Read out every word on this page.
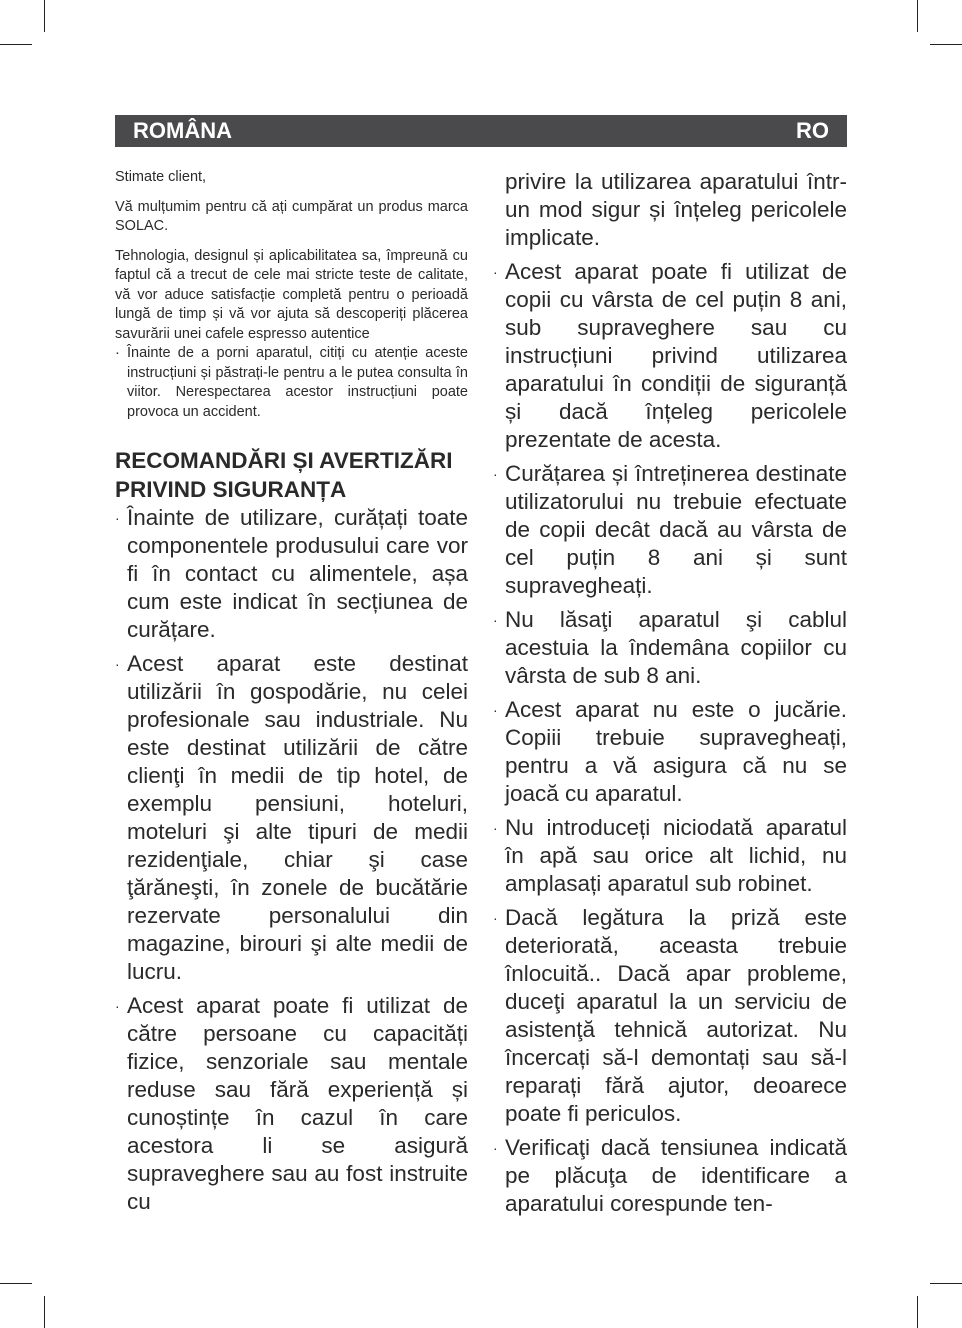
ROMÂNA	RO

Stimate client,

Vă mulțumim pentru că ați cumpărat un produs marca SOLAC.

Tehnologia, designul și aplicabilitatea sa, împreună cu faptul că a trecut de cele mai stricte teste de calitate, vă vor aduce satisfacție completă pentru o perioadă lungă de timp și vă vor ajuta să descoperiți plăcerea savurării unei cafele espresso autentice

· Înainte de a porni aparatul, citiți cu atenție aceste instrucțiuni și păstrați-le pentru a le putea consulta în viitor. Nerespectarea acestor instrucțiuni poate provoca un accident.
RECOMANDĂRI ȘI AVERTIZĂRI PRIVIND SIGURANȚA
· Înainte de utilizare, curățați toate componentele produsului care vor fi în contact cu alimentele, așa cum este indicat în secțiunea de curățare.
· Acest aparat este destinat utilizării în gospodărie, nu celei profesionale sau industriale. Nu este destinat utilizării de către clienţi în medii de tip hotel, de exemplu pensiuni, hoteluri, moteluri şi alte tipuri de medii rezidenţiale, chiar şi case ţărăneşti, în zonele de bucătărie rezervate personalului din magazine, birouri şi alte medii de lucru.
· Acest aparat poate fi utilizat de către persoane cu capacități fizice, senzoriale sau mentale reduse sau fără experiență și cunoștințe în cazul în care acestora li se asigură supraveghere sau au fost instruite cu
privire la utilizarea aparatului într-un mod sigur și înțeleg pericolele implicate.
· Acest aparat poate fi utilizat de copii cu vârsta de cel puțin 8 ani, sub supraveghere sau cu instrucțiuni privind utilizarea aparatului în condiții de siguranță și dacă înțeleg pericolele prezentate de acesta.
· Curățarea și întreținerea destinate utilizatorului nu trebuie efectuate de copii decât dacă au vârsta de cel puțin 8 ani și sunt supravegheați.
· Nu lăsaţi aparatul şi cablul acestuia la îndemâna copiilor cu vârsta de sub 8 ani.
· Acest aparat nu este o jucărie. Copiii trebuie supravegheați, pentru a vă asigura că nu se joacă cu aparatul.
· Nu introduceți niciodată aparatul în apă sau orice alt lichid, nu amplasați aparatul sub robinet.
· Dacă legătura la priză este deteriorată, aceasta trebuie înlocuită.. Dacă apar probleme, duceţi aparatul la un serviciu de asistenţă tehnică autorizat. Nu încercați să-l demontați sau să-l reparați fără ajutor, deoarece poate fi periculos.
· Verificaţi dacă tensiunea indicată pe plăcuţa de identificare a aparatului corespunde ten-
